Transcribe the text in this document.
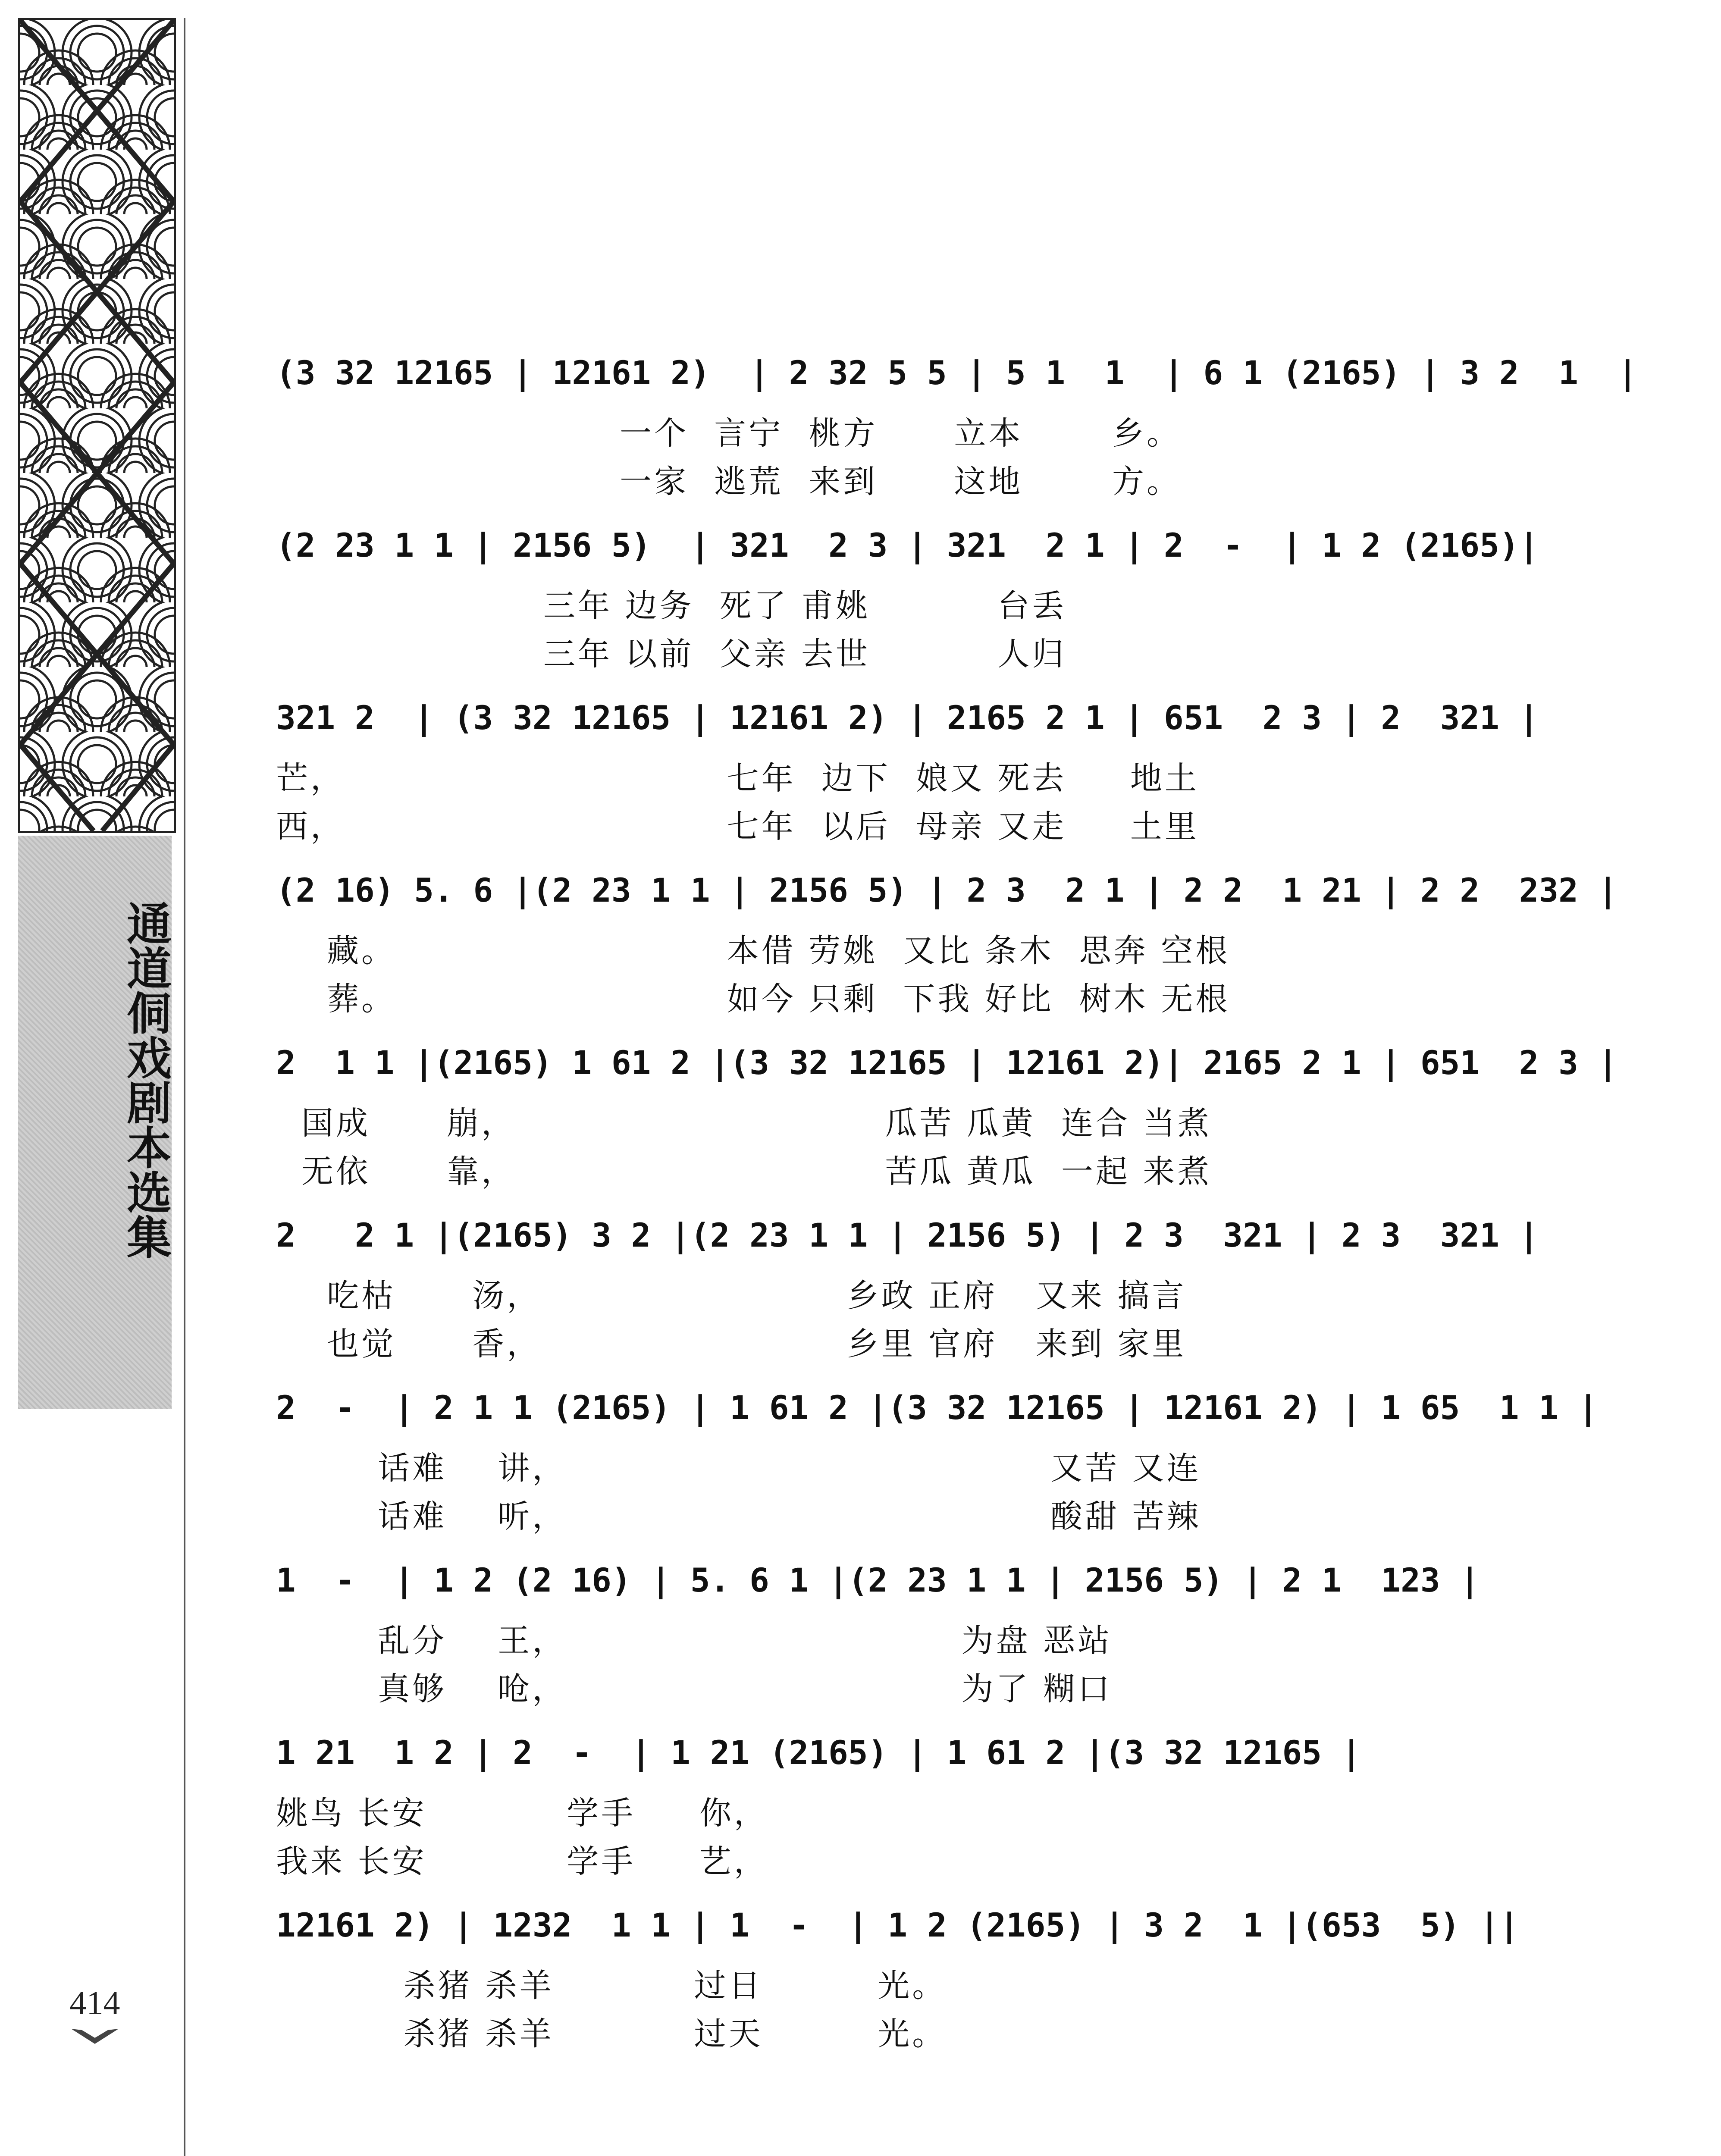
通道侗戏剧本选集
414
(3 32 12165 | 12161 2)  | 2 32 5 5 | 5 1  1  | 6 1 (2165) | 3 2  1  |
一个  言宁  桃方      立本       乡。
一家  逃荒  来到      这地       方。
(2 23 1 1 | 2156 5)  | 321  2 3 | 321  2 1 | 2  -  | 1 2 (2165)|
三年 边务  死了 甫姚          台丢
三年 以前  父亲 去世          人归
321 2  | (3 32 12165 | 12161 2) | 2165 2 1 | 651  2 3 | 2  321 |
芒，                              七年  边下  娘又 死去     地土
西，                              七年  以后  母亲 又走     土里
(2 16) 5. 6 |(2 23 1 1 | 2156 5) | 2 3  2 1 | 2 2  1 21 | 2 2  232 |
藏。                          本借 劳姚  又比 条木  思奔 空根
葬。                          如今 只剩  下我 好比  树木 无根
2  1 1 |(2165) 1 61 2 |(3 32 12165 | 12161 2)| 2165 2 1 | 651  2 3 |
国成      崩，                             瓜苦 瓜黄  连合 当煮
无依      靠，                             苦瓜 黄瓜  一起 来煮
2   2 1 |(2165) 3 2 |(2 23 1 1 | 2156 5) | 2 3  321 | 2 3  321 |
吃枯      汤，                        乡政 正府   又来 搞言
也觉      香，                        乡里 官府   来到 家里
2  -  | 2 1 1 (2165) | 1 61 2 |(3 32 12165 | 12161 2) | 1 65  1 1 |
话难    讲，                                      又苦 又连
话难    听，                                      酸甜 苦辣
1  -  | 1 2 (2 16) | 5. 6 1 |(2 23 1 1 | 2156 5) | 2 1  123 |
乱分    王，                               为盘 恶站
真够    呛，                               为了 糊口
1 21  1 2 | 2  -  | 1 21 (2165) | 1 61 2 |(3 32 12165 |
姚鸟 长安           学手     你，
我来 长安           学手     艺，
12161 2) | 1232  1 1 | 1  -  | 1 2 (2165) | 3 2  1 |(653  5) ||
杀猪 杀羊           过日         光。
杀猪 杀羊           过天         光。
